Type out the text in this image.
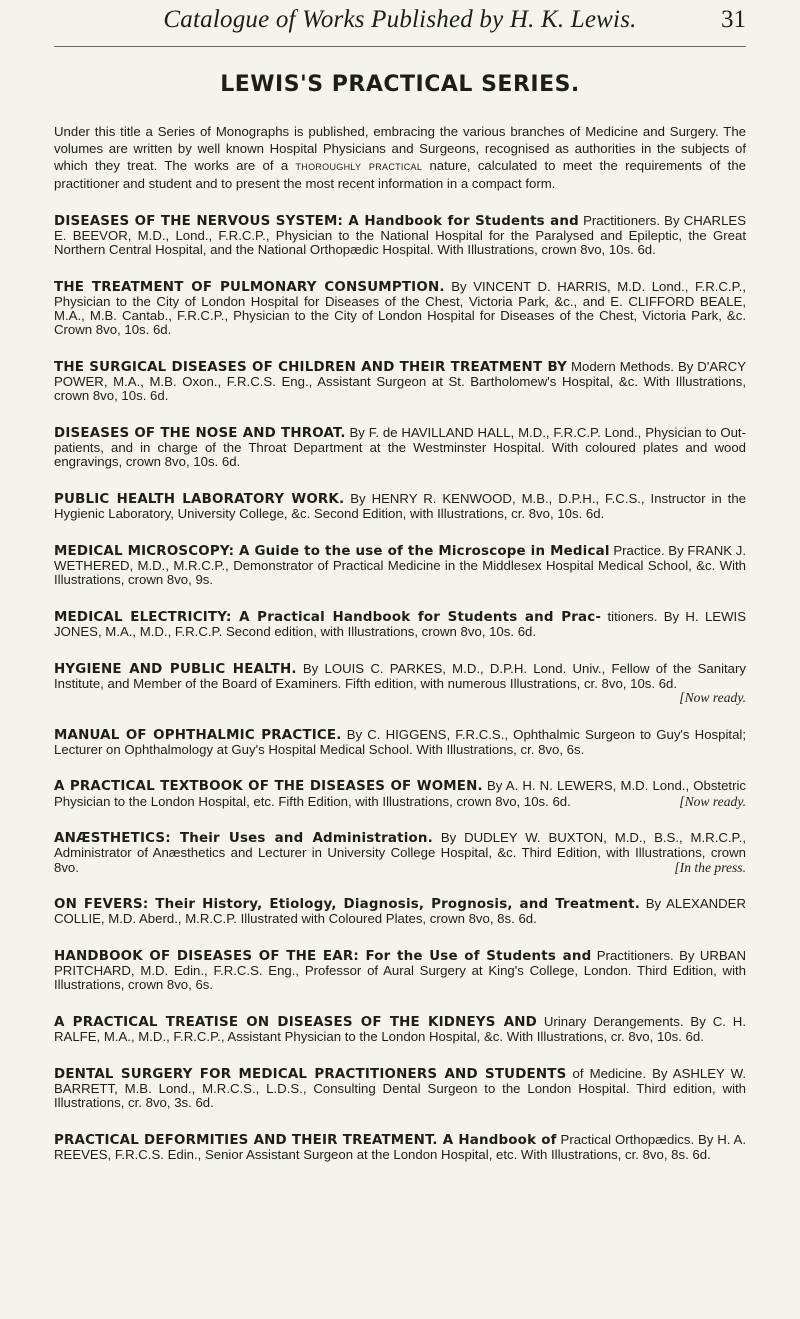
Catalogue of Works Published by H. K. Lewis.	31
LEWIS'S PRACTICAL SERIES.

Under this title a Series of Monographs is published, embracing the various branches of Medicine and Surgery. The volumes are written by well known Hospital Physicians and Surgeons, recognised as authorities in the subjects of which they treat. The works are of a thoroughly practical nature, calculated to meet the requirements of the practitioner and student and to present the most recent information in a compact form.

DISEASES OF THE NERVOUS SYSTEM: A Handbook for Students and Practitioners. By CHARLES E. BEEVOR, M.D., Lond., F.R.C.P., Physician to the National Hospital for the Paralysed and Epileptic, the Great Northern Central Hospital, and the National Orthopædic Hospital. With Illustrations, crown 8vo, 10s. 6d.

THE TREATMENT OF PULMONARY CONSUMPTION. By VINCENT D. HARRIS, M.D. Lond., F.R.C.P., Physician to the City of London Hospital for Diseases of the Chest, Victoria Park, &c., and E. CLIFFORD BEALE, M.A., M.B. Cantab., F.R.C.P., Physician to the City of London Hospital for Diseases of the Chest, Victoria Park, &c. Crown 8vo, 10s. 6d.

THE SURGICAL DISEASES OF CHILDREN AND THEIR TREATMENT BY Modern Methods. By D'ARCY POWER, M.A., M.B. Oxon., F.R.C.S. Eng., Assistant Surgeon at St. Bartholomew's Hospital, &c. With Illustrations, crown 8vo, 10s. 6d.

DISEASES OF THE NOSE AND THROAT. By F. de HAVILLAND HALL, M.D., F.R.C.P. Lond., Physician to Out-patients, and in charge of the Throat Department at the Westminster Hospital. With coloured plates and wood engravings, crown 8vo, 10s. 6d.

PUBLIC HEALTH LABORATORY WORK. By HENRY R. KENWOOD, M.B., D.P.H., F.C.S., Instructor in the Hygienic Laboratory, University College, &c. Second Edition, with Illustrations, cr. 8vo, 10s. 6d.

MEDICAL MICROSCOPY: A Guide to the use of the Microscope in Medical Practice. By FRANK J. WETHERED, M.D., M.R.C.P., Demonstrator of Practical Medicine in the Middlesex Hospital Medical School, &c. With Illustrations, crown 8vo, 9s.

MEDICAL ELECTRICITY: A Practical Handbook for Students and Prac- titioners. By H. LEWIS JONES, M.A., M.D., F.R.C.P. Second edition, with Illustrations, crown 8vo, 10s. 6d.

HYGIENE AND PUBLIC HEALTH. By LOUIS C. PARKES, M.D., D.P.H. Lond. Univ., Fellow of the Sanitary Institute, and Member of the Board of Examiners. Fifth edition, with numerous Illustrations, cr. 8vo, 10s. 6d.
[Now ready.

MANUAL OF OPHTHALMIC PRACTICE. By C. HIGGENS, F.R.C.S., Ophthalmic Surgeon to Guy's Hospital; Lecturer on Ophthalmology at Guy's Hospital Medical School. With Illustrations, cr. 8vo, 6s.

A PRACTICAL TEXTBOOK OF THE DISEASES OF WOMEN. By A. H. N. LEWERS, M.D. Lond., Obstetric Physician to the London Hospital, etc. Fifth Edition, with Illustrations, crown 8vo, 10s. 6d.	[Now ready.

ANÆSTHETICS: Their Uses and Administration. By DUDLEY W. BUXTON, M.D., B.S., M.R.C.P., Administrator of Anæsthetics and Lecturer in University College Hospital, &c. Third Edition, with Illustrations, crown 8vo.	[In the press.

ON FEVERS: Their History, Etiology, Diagnosis, Prognosis, and Treatment. By ALEXANDER COLLIE, M.D. Aberd., M.R.C.P. Illustrated with Coloured Plates, crown 8vo, 8s. 6d.

HANDBOOK OF DISEASES OF THE EAR: For the Use of Students and Practitioners. By URBAN PRITCHARD, M.D. Edin., F.R.C.S. Eng., Professor of Aural Surgery at King's College, London. Third Edition, with Illustrations, crown 8vo, 6s.

A PRACTICAL TREATISE ON DISEASES OF THE KIDNEYS AND Urinary Derangements. By C. H. RALFE, M.A., M.D., F.R.C.P., Assistant Physician to the London Hospital, &c. With Illustrations, cr. 8vo, 10s. 6d.

DENTAL SURGERY FOR MEDICAL PRACTITIONERS AND STUDENTS of Medicine. By ASHLEY W. BARRETT, M.B. Lond., M.R.C.S., L.D.S., Consulting Dental Surgeon to the London Hospital. Third edition, with Illustrations, cr. 8vo, 3s. 6d.

PRACTICAL DEFORMITIES AND THEIR TREATMENT. A Handbook of Practical Orthopædics. By H. A. REEVES, F.R.C.S. Edin., Senior Assistant Surgeon at the London Hospital, etc. With Illustrations, cr. 8vo, 8s. 6d.
